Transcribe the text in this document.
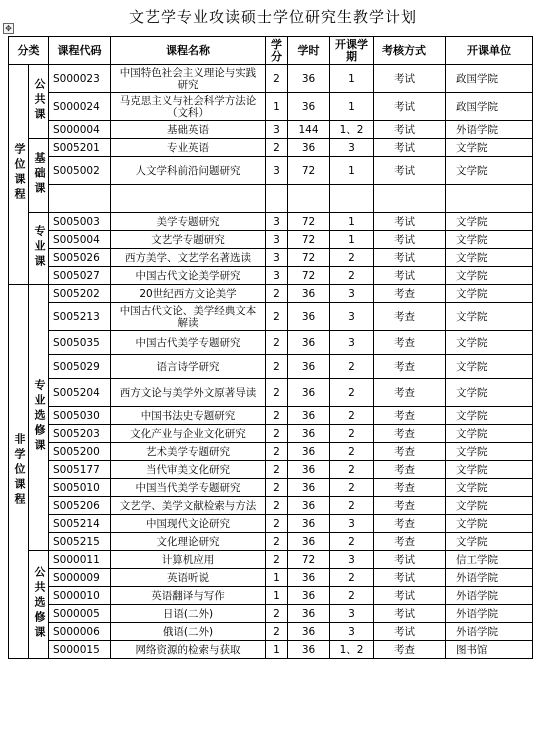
文艺学专业攻读硕士学位研究生教学计划
✥
分类		课程代码	课程名称	学分	学时	开课学期	考核方式	开课单位
学位课程	公共课	S000023	中国特色社会主义理论与实践研究	2	36	1	考试	政国学院
		S000024	马克思主义与社会科学方法论（文科）	1	36	1	考试	政国学院
		S000004	基础英语	3	144	1、2	考试	外语学院
	基础课	S005201	专业英语	2	36	3	考试	文学院
		S005002	人文学科前沿问题研究	3	72	1	考试	文学院

	专业课	S005003	美学专题研究	3	72	1	考试	文学院
		S005004	文艺学专题研究	3	72	1	考试	文学院
		S005026	西方美学、文艺学名著选读	3	72	2	考试	文学院
		S005027	中国古代文论美学研究	3	72	2	考试	文学院
非学位课程	专业选修课	S005202	20世纪西方文论美学	2	36	3	考查	文学院
		S005213	中国古代文论、美学经典文本解读	2	36	3	考查	文学院
		S005035	中国古代美学专题研究	2	36	3	考查	文学院
		S005029	语言诗学研究	2	36	2	考查	文学院
		S005204	西方文论与美学外文原著导读	2	36	2	考查	文学院
		S005030	中国书法史专题研究	2	36	2	考查	文学院
		S005203	文化产业与企业文化研究	2	36	2	考查	文学院
		S005200	艺术美学专题研究	2	36	2	考查	文学院
		S005177	当代审美文化研究	2	36	2	考查	文学院
		S005010	中国当代美学专题研究	2	36	2	考查	文学院
		S005206	文艺学、美学文献检索与方法	2	36	2	考查	文学院
		S005214	中国现代文论研究	2	36	3	考查	文学院
		S005215	文化理论研究	2	36	2	考查	文学院
	公共选修课	S000011	计算机应用	2	72	3	考试	信工学院
		S000009	英语听说	1	36	2	考试	外语学院
		S000010	英语翻译与写作	1	36	2	考试	外语学院
		S000005	日语(二外)	2	36	3	考试	外语学院
		S000006	俄语(二外)	2	36	3	考试	外语学院
		S000015	网络资源的检索与获取	1	36	1、2	考查	图书馆
